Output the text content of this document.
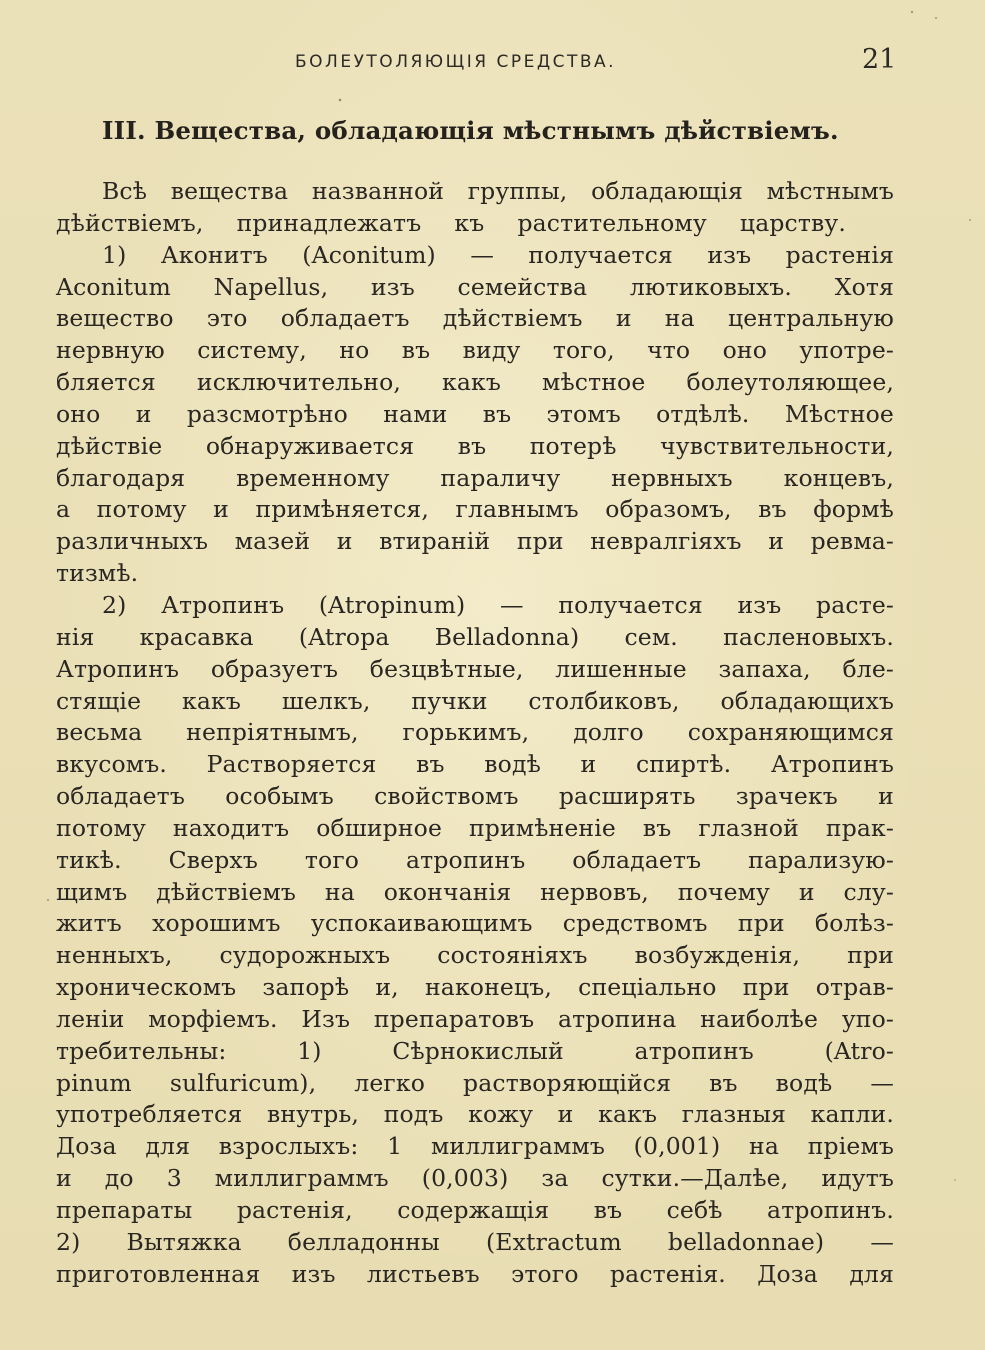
БОЛЕУТОЛЯЮЩІЯ СРЕДСТВА.	21
III. Вещества, обладающія мѣстнымъ дѣйствіемъ.
Всѣ вещества названной группы, обладающія мѣстнымъ
дѣйствіемъ, принадлежатъ къ растительному царству.
1) Аконитъ (Aconitum) — получается изъ растенія
Aconitum Napellus, изъ семейства лютиковыхъ. Хотя
вещество это обладаетъ дѣйствіемъ и на центральную
нервную систему, но въ виду того, что оно употре-
бляется исключительно, какъ мѣстное болеутоляющее,
оно и разсмотрѣно нами въ этомъ отдѣлѣ. Мѣстное
дѣйствіе обнаруживается въ потерѣ чувствительности,
благодаря временному параличу нервныхъ концевъ,
а потому и примѣняется, главнымъ образомъ, въ формѣ
различныхъ мазей и втираній при невралгіяхъ и ревма-
тизмѣ.
2) Атропинъ (Atropinum) — получается изъ расте-
нія красавка (Atropa Belladonna) сем. пасленовыхъ.
Атропинъ образуетъ безцвѣтные, лишенные запаха, бле-
стящіе какъ шелкъ, пучки столбиковъ, обладающихъ
весьма непріятнымъ, горькимъ, долго сохраняющимся
вкусомъ. Растворяется въ водѣ и спиртѣ. Атропинъ
обладаетъ особымъ свойствомъ расширять зрачекъ и
потому находитъ обширное примѣненіе въ глазной прак-
тикѣ. Сверхъ того атропинъ обладаетъ парализую-
щимъ дѣйствіемъ на окончанія нервовъ, почему и слу-
житъ хорошимъ успокаивающимъ средствомъ при болѣз-
ненныхъ, судорожныхъ состояніяхъ возбужденія, при
хроническомъ запорѣ и, наконецъ, спеціально при отрав-
леніи морфіемъ. Изъ препаратовъ атропина наиболѣе упо-
требительны: 1) Сѣрнокислый атропинъ (Atro-
pinum sulfuricum), легко растворяющійся въ водѣ —
употребляется внутрь, подъ кожу и какъ глазныя капли.
Доза для взрослыхъ: 1 миллиграммъ (0,001) на пріемъ
и до 3 миллиграммъ (0,003) за сутки.—Далѣе, идутъ
препараты растенія, содержащія въ себѣ атропинъ.
2) Вытяжка белладонны (Extractum belladonnae) —
приготовленная изъ листьевъ этого растенія. Доза для
